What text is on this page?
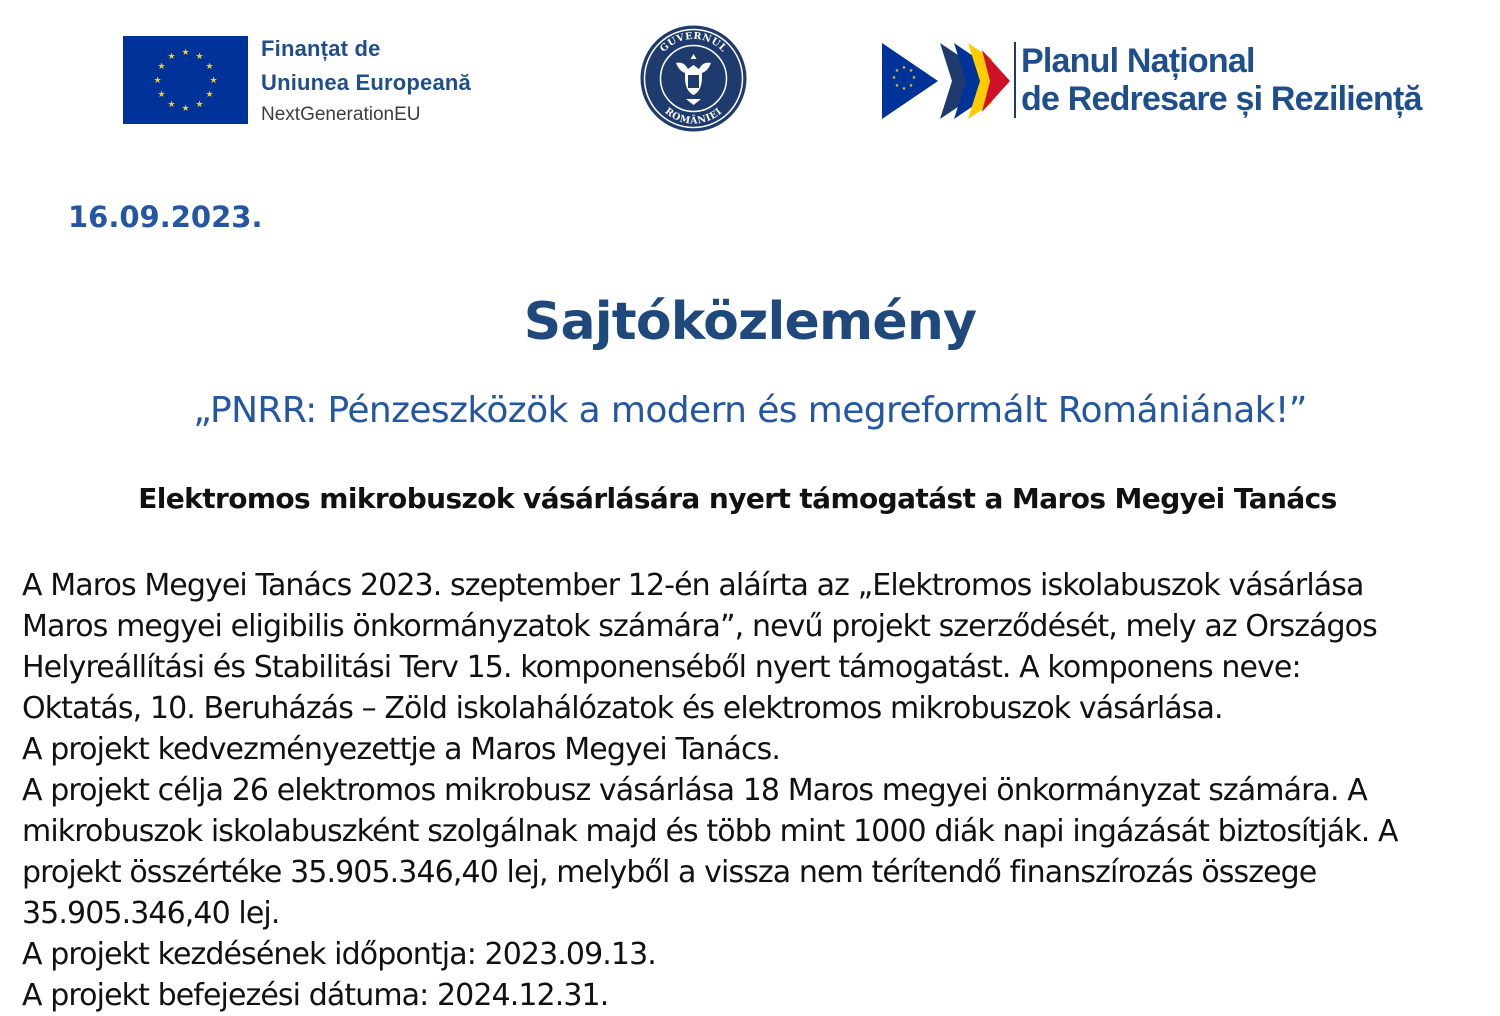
★ ★
★
★
★
★
★
★
★
★
★
★	Finanțat de
Uniunea Europeană
NextGenerationEU
GUVERNUL
ROMÂNIEI
★ ★
★
★
★
★
★
★	Planul Național
de Redresare și Reziliență
16.09.2023.
Sajtóközlemény
„PNRR: Pénzeszközök a modern és megreformált Romániának!”
Elektromos mikrobuszok vásárlására nyert támogatást a Maros Megyei Tanács

A Maros Megyei Tanács 2023. szeptember 12-én aláírta az „Elektromos iskolabuszok vásárlása

Maros megyei eligibilis önkormányzatok számára”, nevű projekt szerződését, mely az Országos

Helyreállítási és Stabilitási Terv 15. komponenséből nyert támogatást. A komponens neve:

Oktatás, 10. Beruházás – Zöld iskolahálózatok és elektromos mikrobuszok vásárlása.

A projekt kedvezményezettje a Maros Megyei Tanács.

A projekt célja 26 elektromos mikrobusz vásárlása 18 Maros megyei önkormányzat számára. A

mikrobuszok iskolabuszként szolgálnak majd és több mint 1000 diák napi ingázását biztosítják. A

projekt összértéke 35.905.346,40 lej, melyből a vissza nem térítendő finanszírozás összege

35.905.346,40 lej.

A projekt kezdésének időpontja: 2023.09.13.

A projekt befejezési dátuma: 2024.12.31.
